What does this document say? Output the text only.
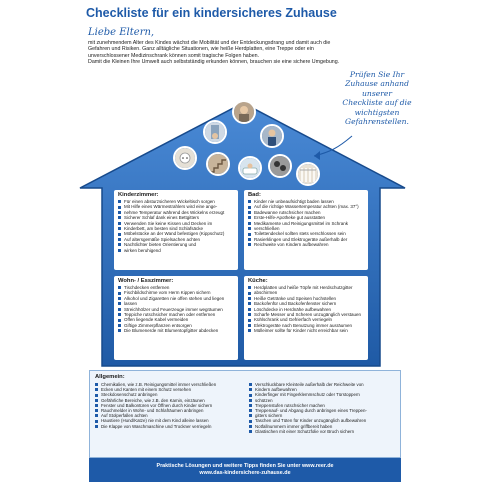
Checkliste für ein kindersicheres Zuhause
Liebe Eltern,

mit zunehmendem Alter des Kindes wächst die Mobilität und der Entdeckungsdrang und damit auch die
Gefahren und Risiken. Ganz alltägliche Situationen, wie heiße Herdplatten, eine Treppe oder ein
unverschlossener Medizinschrank können somit tragische Folgen haben.
Damit die Kleinen Ihre Umwelt auch selbstständig erkunden können, brauchen sie eine sichere Umgebung.

Prüfen Sie Ihr
Zuhause anhand
unserer
Checkliste auf die
wichtigsten
Gefahrenstellen.
Kinderzimmer:
Für einen absturzsicheren Wickeltisch sorgen
Mit Hilfe eines Wärmestrahlers wird eine ange-
nehme Temperatur während des Wickelns erzeugt
Sicherer Schlaf dank eines Bettgitters
Verwenden Sie keine Kissen und Decken im
Kinderbett, am besten sind Schlafsäcke
Möbelstücke an der Wand befestigen (Kippschutz)
Auf altersgemäße Spielsachen achten
Nachtlichter bieten Orientierung und
wirken beruhigend
Bad:
Kinder nie unbeaufsichtigt baden lassen
Auf die richtige Wassertemperatur achten (max. 37°)
Badewanne rutschsicher machen
Erste-Hilfe-Apotheke gut ausstatten
Medikamente und Reinigungsmittel im Schrank
verschließen
Toilettendeckel sollten stets verschlossen sein
Rasierklingen und Elektrogeräte außerhalb der
Reichweite von Kindern aufbewahren
Wohn- / Esszimmer:
Tischdecken entfernen
Fischbildschirme vom Herm Kippen sichern
Alkohol und Zigaretten nie offen stehen und liegen
lassen
Streichhölzer und Feuerzeuge immer wegräumen
Teppiche rutschsicher machen oder entfernen
Offen liegende Kabel vermeiden
Giftige Zimmerpflanzen entsorgen
Die Blumenerde mit Blumentopfgitter abdecken
Küche:
Herdplatten und heiße Töpfe mit Herdschutzgitter
abschirmen
Heiße Getränke und Speisen hochstellen
Backofenfür und Backofenfenster sichern
Löschdecke in Herdnähe aufbewahren
Scharfe Messer und Scheren unzugänglich verstauen
Kühlschrank und Gefrierfach verriegeln
Elektrogeräte nach Benutzung immer ausräumen
Mülleimer sollte für Kinder nicht erreichbar sein
Allgemein:
Chemikalien, wie z.B. Reinigungsmittel immer verschließen
Ecken und Kanten mit einem Schutz versehen
Steckdosenschutz anbringen
Gefährliche Bereiche, wie z.B. den Kamin, einzäunen
Fenster und Balkontüren vor Öffnen durch Kinder sichern
Rauchmelder in Wohn- und Schlafräumen anbringen
Auf Stolperfallen achten
Haustiere (Hund/Katze) nie mit dem Kind alleine lassen
Die Klappe von Waschmaschine und Trockner verriegeln
Verschluckbare Kleinteile außerhalb der Reichweite von
Kindern aufbewahren
Kinderfinger mit Fingerklemmschutz oder Türstoppern
schützen
Treppenstufen rutschsicher machen
Treppenauf- und Abgang durch anbringen eines Treppen-
gitters sichern
Taschen und Tüten für Kinder unzugänglich aufbewahren
Notfallnummern immer griffbereit haben
Glastischen mit einer Schutzfolie vor Bruch sichern
Praktische Lösungen und weitere Tipps finden Sie unter www.reer.de
www.das-kindersichere-zuhause.de
